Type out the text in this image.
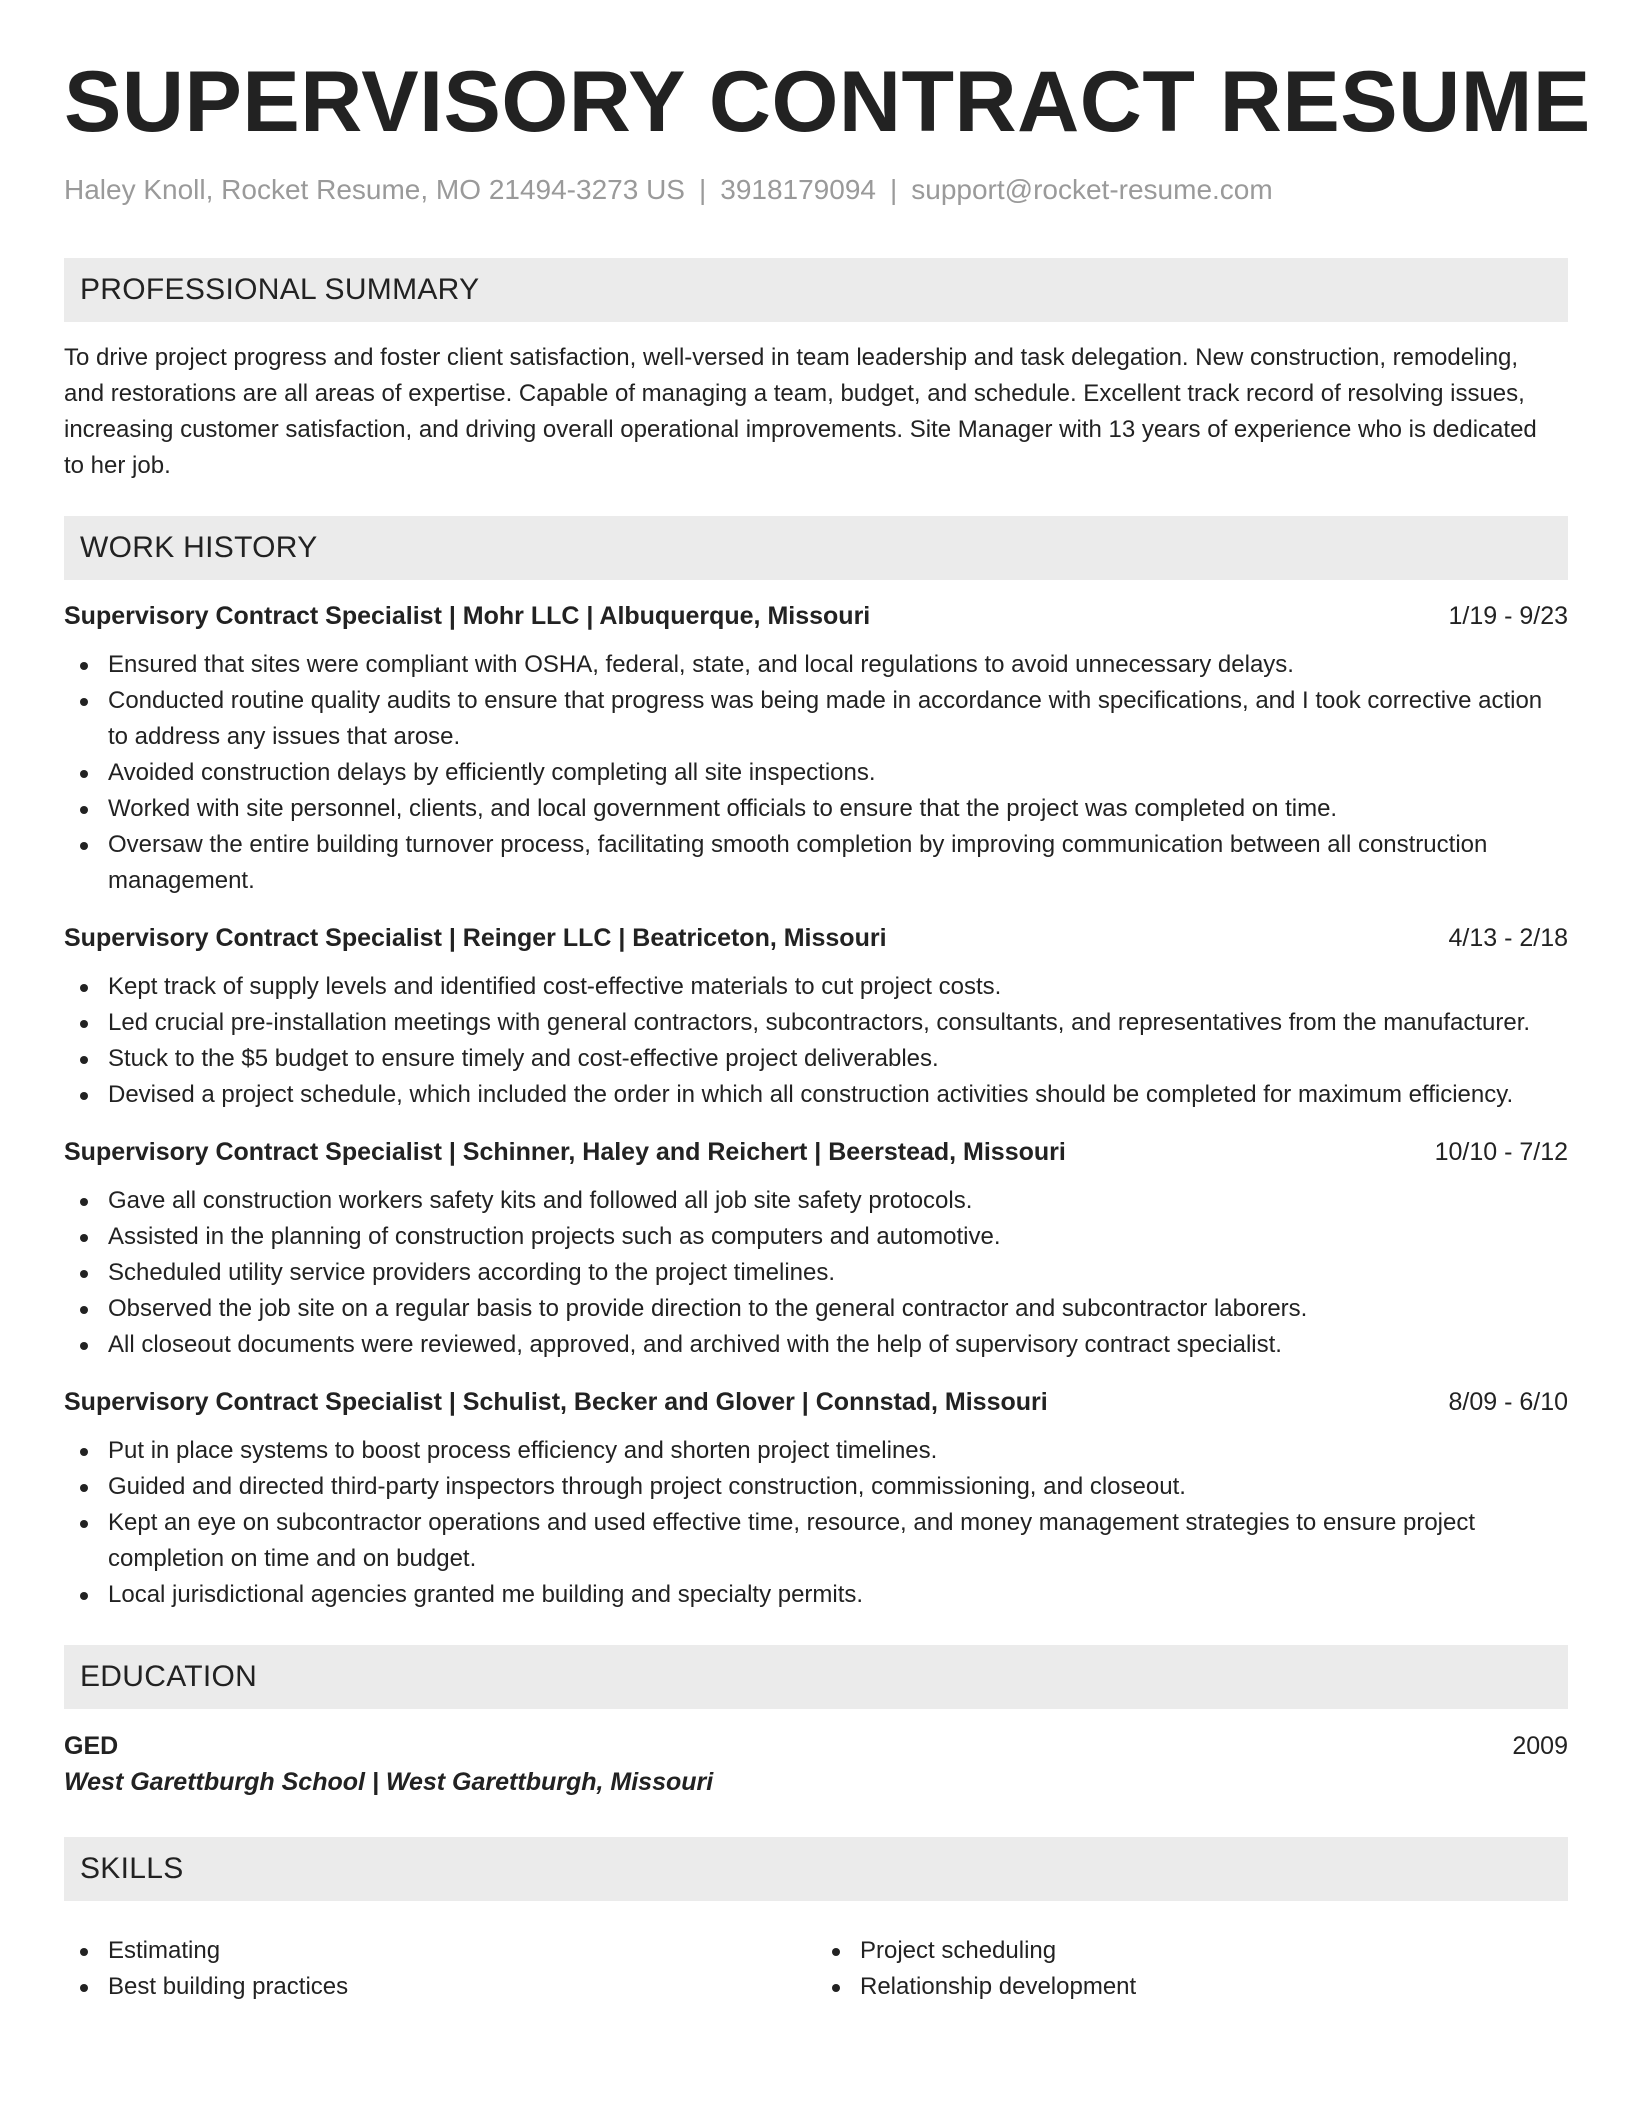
SUPERVISORY CONTRACT RESUME
Haley Knoll, Rocket Resume, MO 21494-3273 US | 3918179094 | support@rocket-resume.com
PROFESSIONAL SUMMARY

To drive project progress and foster client satisfaction, well-versed in team leadership and task delegation. New construction, remodeling, and restorations are all areas of expertise. Capable of managing a team, budget, and schedule. Excellent track record of resolving issues, increasing customer satisfaction, and driving overall operational improvements. Site Manager with 13 years of experience who is dedicated to her job.

WORK HISTORY
Supervisory Contract Specialist | Mohr LLC | Albuquerque, Missouri	1/19 - 9/23
Ensured that sites were compliant with OSHA, federal, state, and local regulations to avoid unnecessary delays.
Conducted routine quality audits to ensure that progress was being made in accordance with specifications, and I took corrective action to address any issues that arose.
Avoided construction delays by efficiently completing all site inspections.
Worked with site personnel, clients, and local government officials to ensure that the project was completed on time.
Oversaw the entire building turnover process, facilitating smooth completion by improving communication between all construction management.
Supervisory Contract Specialist | Reinger LLC | Beatriceton, Missouri	4/13 - 2/18
Kept track of supply levels and identified cost-effective materials to cut project costs.
Led crucial pre-installation meetings with general contractors, subcontractors, consultants, and representatives from the manufacturer.
Stuck to the $5 budget to ensure timely and cost-effective project deliverables.
Devised a project schedule, which included the order in which all construction activities should be completed for maximum efficiency.
Supervisory Contract Specialist | Schinner, Haley and Reichert | Beerstead, Missouri	10/10 - 7/12
Gave all construction workers safety kits and followed all job site safety protocols.
Assisted in the planning of construction projects such as computers and automotive.
Scheduled utility service providers according to the project timelines.
Observed the job site on a regular basis to provide direction to the general contractor and subcontractor laborers.
All closeout documents were reviewed, approved, and archived with the help of supervisory contract specialist.
Supervisory Contract Specialist | Schulist, Becker and Glover | Connstad, Missouri	8/09 - 6/10
Put in place systems to boost process efficiency and shorten project timelines.
Guided and directed third-party inspectors through project construction, commissioning, and closeout.
Kept an eye on subcontractor operations and used effective time, resource, and money management strategies to ensure project completion on time and on budget.
Local jurisdictional agencies granted me building and specialty permits.
EDUCATION
GED	2009
West Garettburgh School | West Garettburgh, Missouri
SKILLS
Estimating
Best building practices
Project scheduling
Relationship development
